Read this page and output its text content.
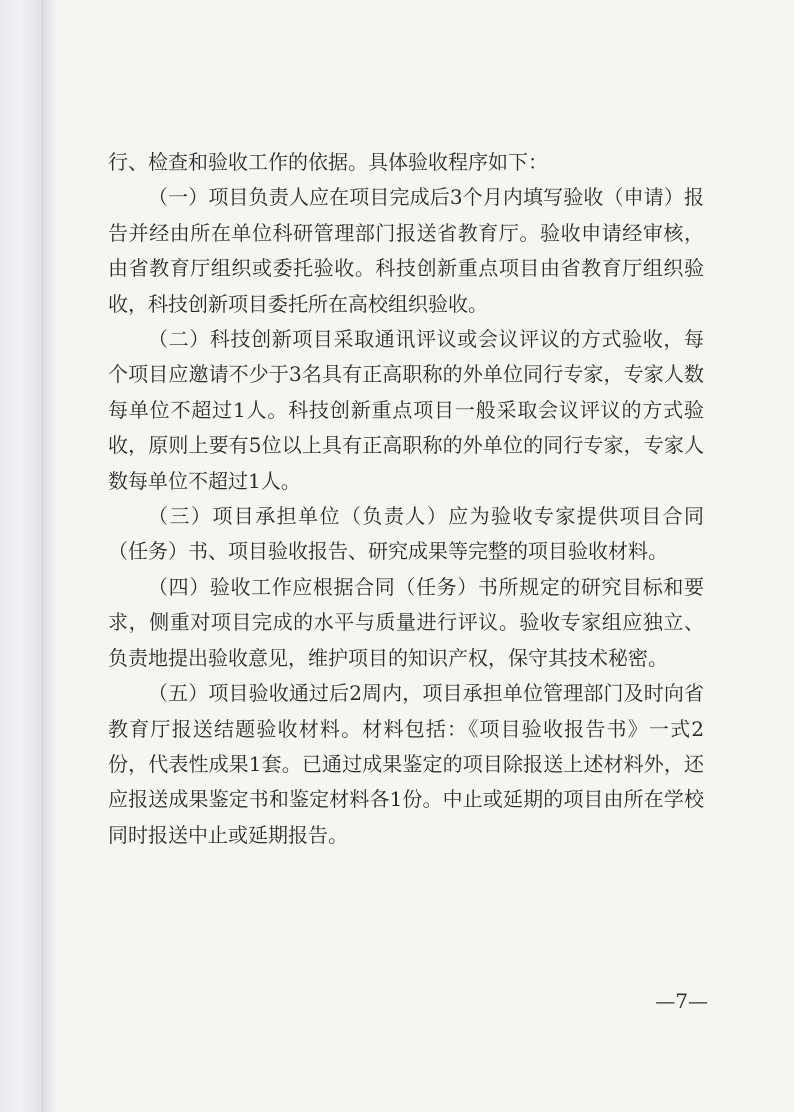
行、检查和验收工作的依据。具体验收程序如下：

（一）项目负责人应在项目完成后3个月内填写验收（申请）报告并经由所在单位科研管理部门报送省教育厅。验收申请经审核，由省教育厅组织或委托验收。科技创新重点项目由省教育厅组织验收，科技创新项目委托所在高校组织验收。

（二）科技创新项目采取通讯评议或会议评议的方式验收，每个项目应邀请不少于3名具有正高职称的外单位同行专家，专家人数每单位不超过1人。科技创新重点项目一般采取会议评议的方式验收，原则上要有5位以上具有正高职称的外单位的同行专家，专家人数每单位不超过1人。

（三）项目承担单位（负责人）应为验收专家提供项目合同（任务）书、项目验收报告、研究成果等完整的项目验收材料。

（四）验收工作应根据合同（任务）书所规定的研究目标和要求，侧重对项目完成的水平与质量进行评议。验收专家组应独立、负责地提出验收意见，维护项目的知识产权，保守其技术秘密。

（五）项目验收通过后2周内，项目承担单位管理部门及时向省教育厅报送结题验收材料。材料包括：《项目验收报告书》一式2份，代表性成果1套。已通过成果鉴定的项目除报送上述材料外，还应报送成果鉴定书和鉴定材料各1份。中止或延期的项目由所在学校同时报送中止或延期报告。

—7—
